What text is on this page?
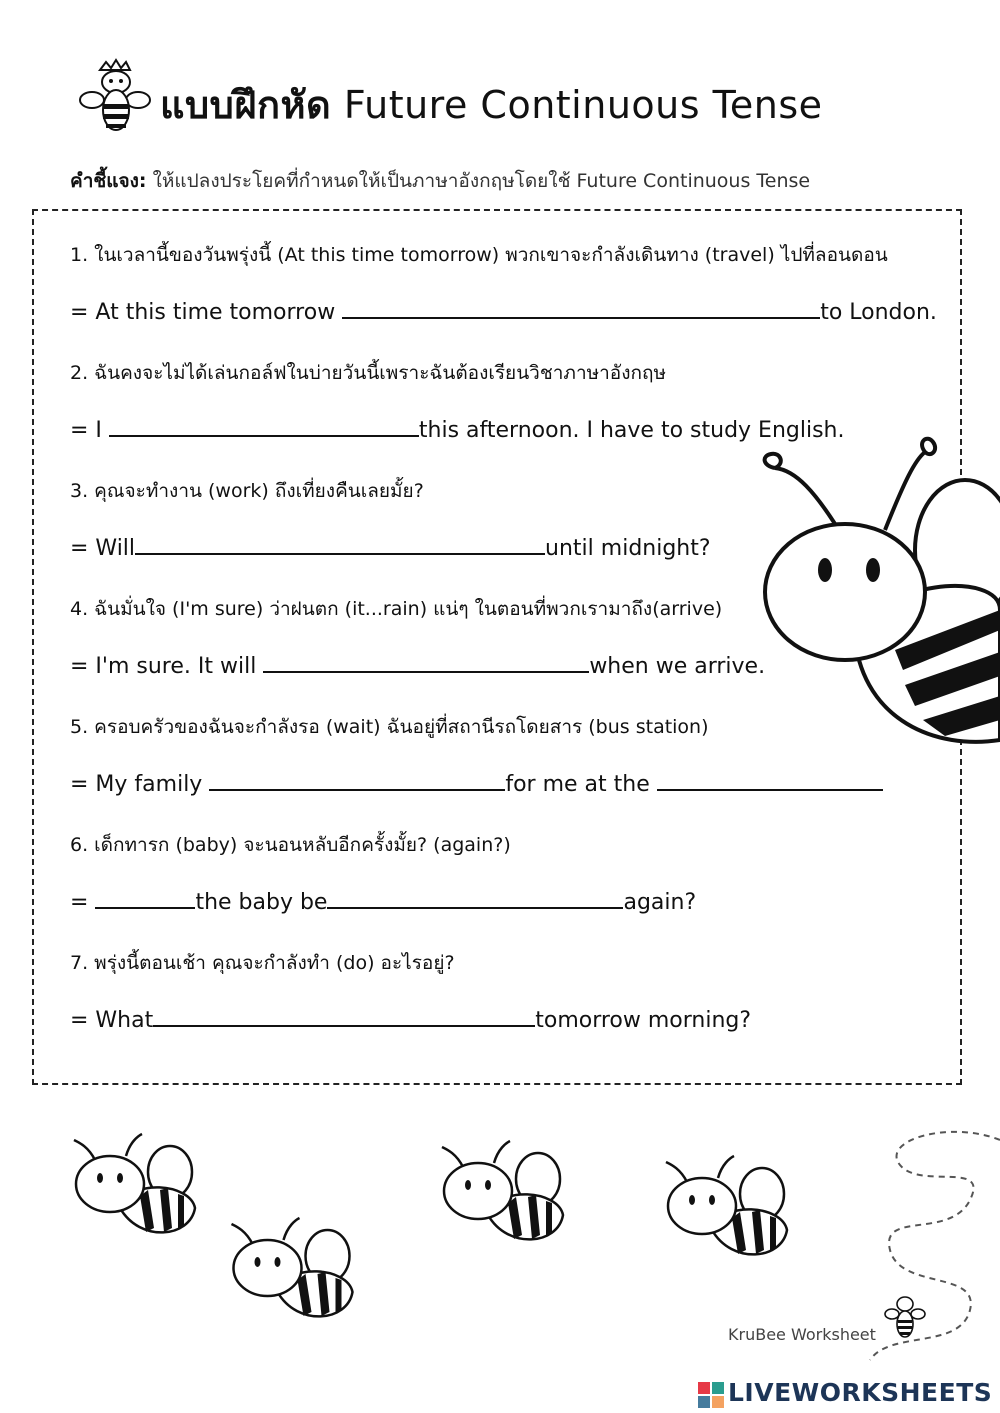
แบบฝึกหัด Future Continuous Tense
คำชี้แจง: ให้แปลงประโยคที่กำหนดให้เป็นภาษาอังกฤษโดยใช้ Future Continuous Tense
1. ในเวลานี้ของวันพรุ่งนี้ (At this time tomorrow) พวกเขาจะกำลังเดินทาง (travel) ไปที่ลอนดอน
= At this time tomorrow	to London.
2. ฉันคงจะไม่ได้เล่นกอล์ฟในบ่ายวันนี้เพราะฉันต้องเรียนวิชาภาษาอังกฤษ
= I	this afternoon. I have to study English.
3. คุณจะทำงาน (work) ถึงเที่ยงคืนเลยมั้ย?
= Will	until midnight?
4. ฉันมั่นใจ (I'm sure) ว่าฝนตก (it...rain) แน่ๆ ในตอนที่พวกเรามาถึง(arrive)
= I'm sure. It will	when we arrive.
5. ครอบครัวของฉันจะกำลังรอ (wait) ฉันอยู่ที่สถานีรถโดยสาร (bus station)
= My family	for me at the
6. เด็กทารก (baby) จะนอนหลับอีกครั้งมั้ย? (again?)
=	the baby be	again?
7. พรุ่งนี้ตอนเช้า คุณจะกำลังทำ (do) อะไรอยู่?
= What	tomorrow morning?
KruBee Worksheet
LIVEWORKSHEETS
